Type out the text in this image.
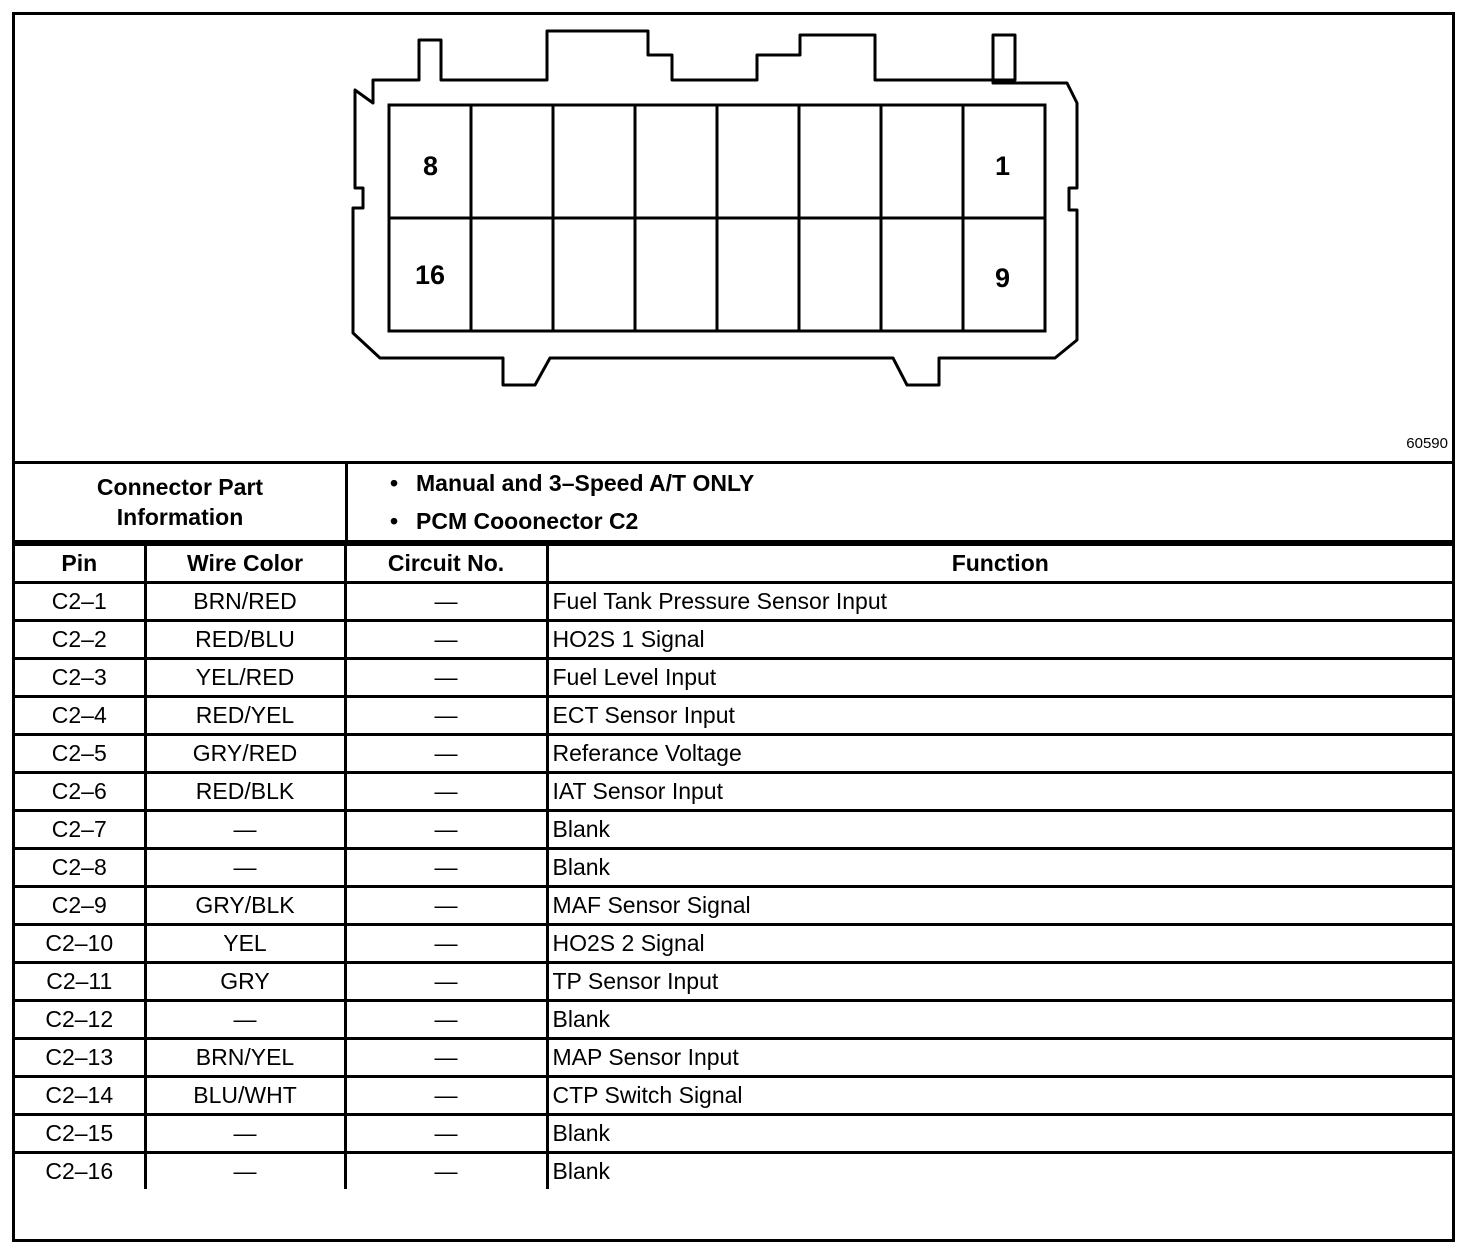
8	1
16	9
60590
Connector Part
Information
• Manual and 3–Speed A/T ONLY
• PCM Cooonector C2
Pin	Wire Color	Circuit No.	Function
C2–1	BRN/RED	—	Fuel Tank Pressure Sensor Input
C2–2	RED/BLU	—	HO2S 1 Signal
C2–3	YEL/RED	—	Fuel Level Input
C2–4	RED/YEL	—	ECT Sensor Input
C2–5	GRY/RED	—	Referance Voltage
C2–6	RED/BLK	—	IAT Sensor Input
C2–7	—	—	Blank
C2–8	—	—	Blank
C2–9	GRY/BLK	—	MAF Sensor Signal
C2–10	YEL	—	HO2S 2 Signal
C2–11	GRY	—	TP Sensor Input
C2–12	—	—	Blank
C2–13	BRN/YEL	—	MAP Sensor Input
C2–14	BLU/WHT	—	CTP Switch Signal
C2–15	—	—	Blank
C2–16	—	—	Blank
